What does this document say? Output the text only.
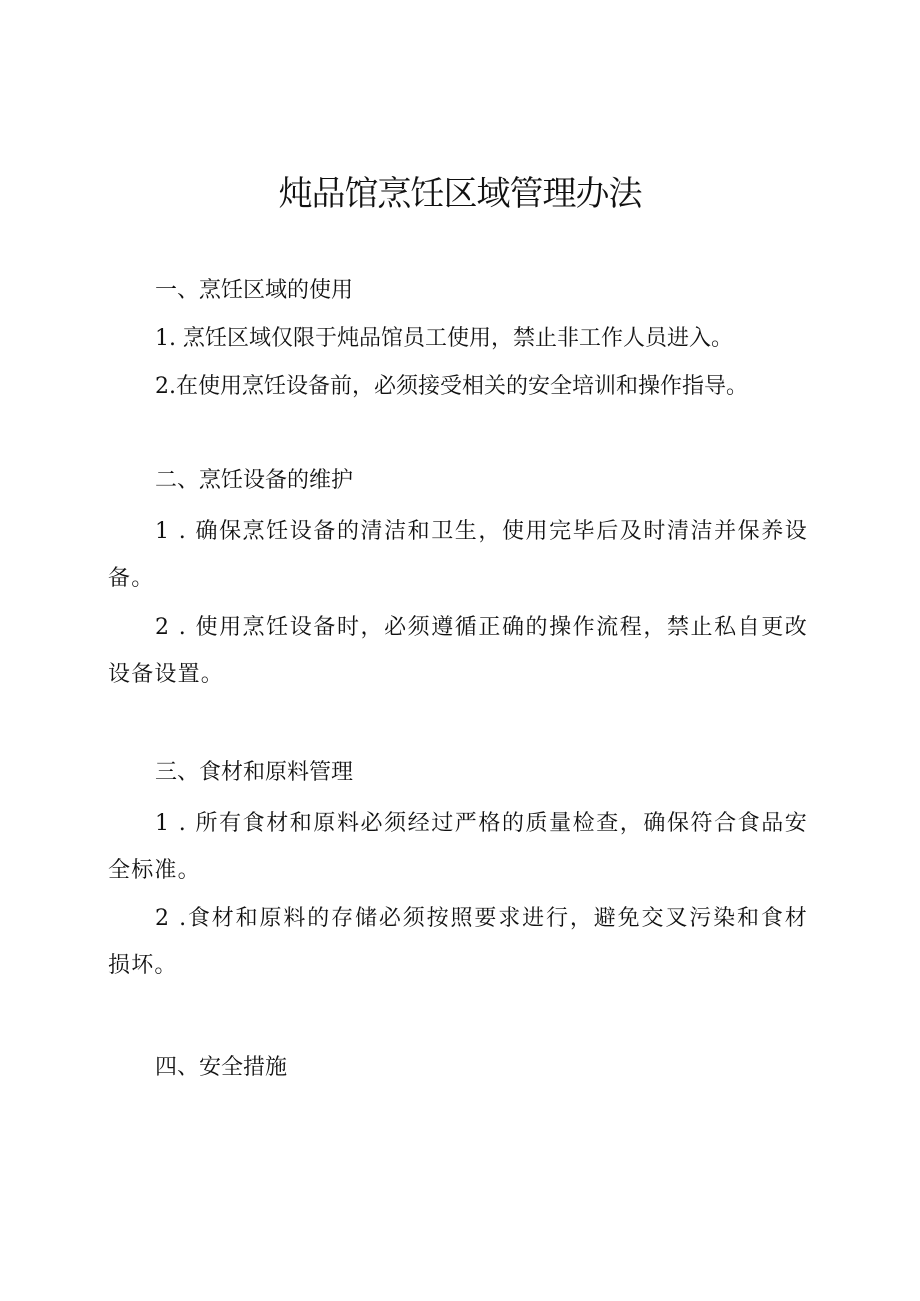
炖品馆烹饪区域管理办法

一、烹饪区域的使用

1. 烹饪区域仅限于炖品馆员工使用，禁止非工作人员进入。

2.在使用烹饪设备前，必须接受相关的安全培训和操作指导。

二、烹饪设备的维护

1 . 确保烹饪设备的清洁和卫生，使用完毕后及时清洁并保养设备。

2 . 使用烹饪设备时，必须遵循正确的操作流程，禁止私自更改设备设置。

三、食材和原料管理

1 . 所有食材和原料必须经过严格的质量检查，确保符合食品安全标准。

2 .食材和原料的存储必须按照要求进行，避免交叉污染和食材损坏。

四、安全措施
